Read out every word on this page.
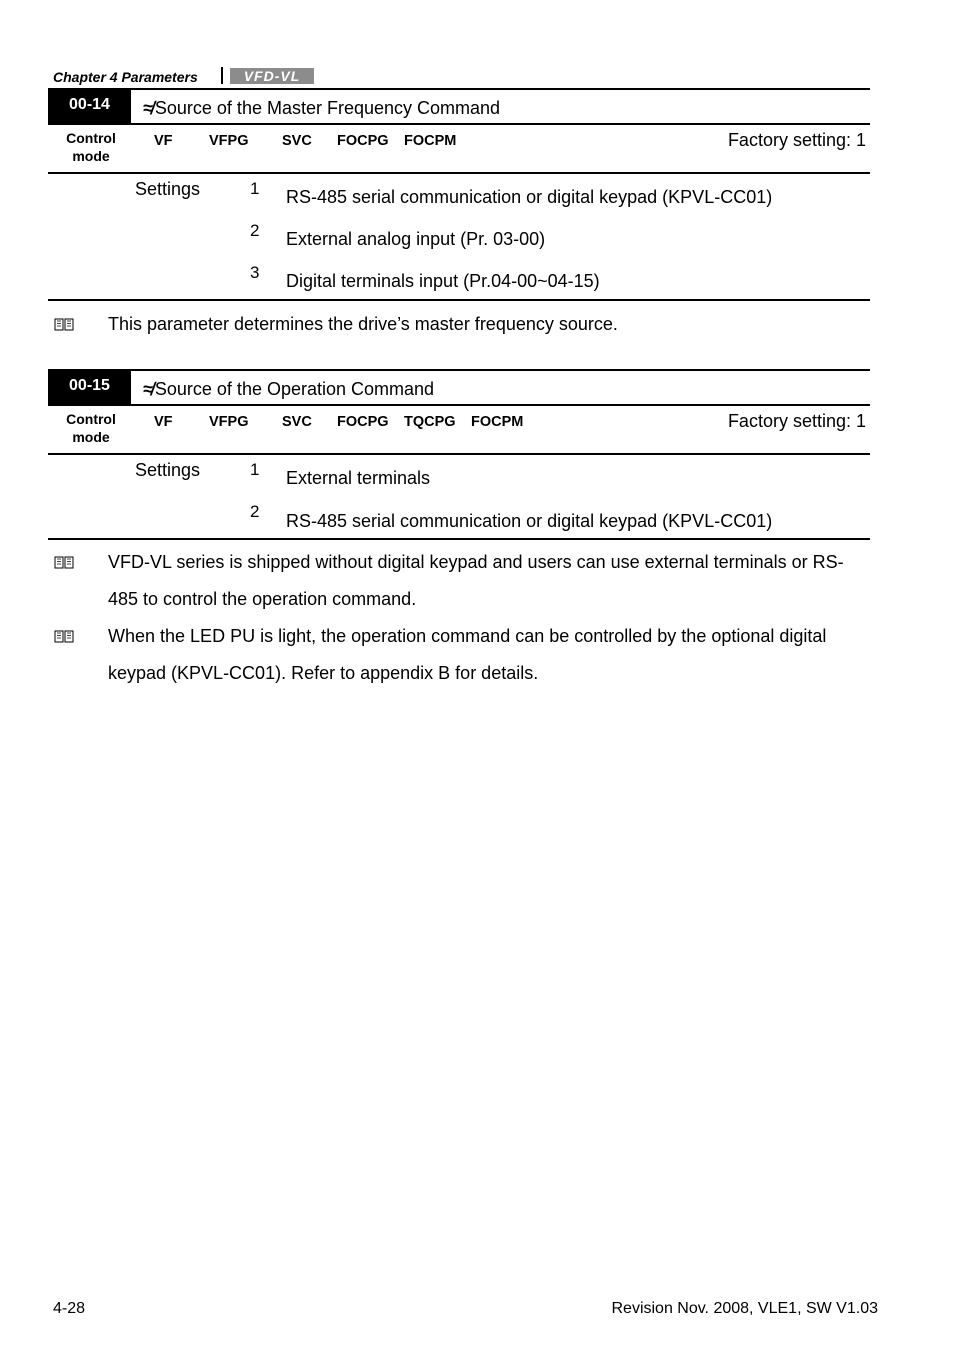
Chapter 4 Parameters	VFD-VL
00-14	≉ Source of the Master Frequency Command
Control mode
VF	VFPG SVC FOCPG FOCPM	Factory setting: 1
Settings	1 RS-485 serial communication or digital keypad (KPVL-CC01)
2 External analog input (Pr. 03-00)
3 Digital terminals input (Pr.04-00~04-15)
This parameter determines the drive’s master frequency source.
00-15	≉ Source of the Operation Command
Control mode
VF	VFPG SVC FOCPG TQCPG FOCPM	Factory setting: 1
Settings	1 External terminals
2 RS-485 serial communication or digital keypad (KPVL-CC01)
VFD-VL series is shipped without digital keypad and users can use external terminals or RS-485 to control the operation command.
When the LED PU is light, the operation command can be controlled by the optional digital keypad (KPVL-CC01). Refer to appendix B for details.
4-28	Revision Nov. 2008, VLE1, SW V1.03
